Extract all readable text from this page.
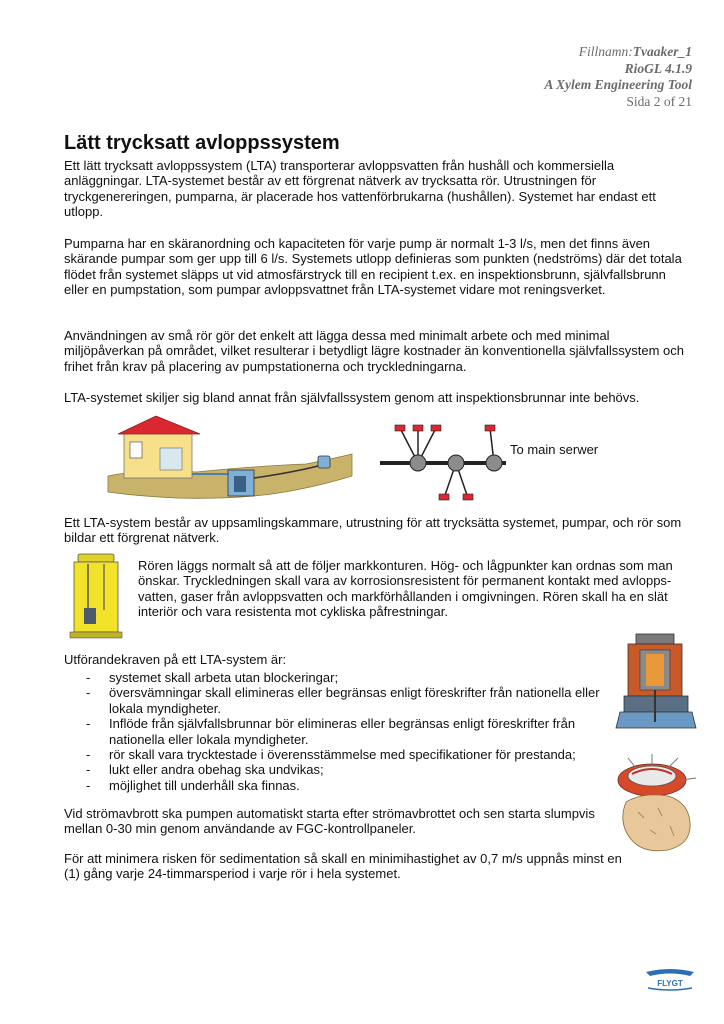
Fillnamn:Tvaaker_1
RioGL 4.1.9
A Xylem Engineering Tool
Sida 2 of 21
Lätt trycksatt avloppssystem

Ett lätt trycksatt avloppssystem (LTA) transporterar avloppsvatten från hushåll och kommersiella anläggningar. LTA-systemet består av ett förgrenat nätverk av trycksatta rör. Utrustningen för tryckgenereringen, pumparna, är placerade hos vattenförbrukarna (hushållen). Systemet har endast ett utlopp.

Pumparna har en skäranordning och kapaciteten för varje pump är normalt 1-3 l/s, men det finns även skärande pumpar som ger upp till 6 l/s. Systemets utlopp definieras som punkten (nedströms) där det totala flödet från systemet släpps ut vid atmosfärstryck till en recipient t.ex. en inspektionsbrunn, självfallsbrunn eller en pumpstation, som pumpar avloppsvattnet från LTA-systemet vidare mot reningsverket.

Användningen av små rör gör det enkelt att lägga dessa med minimalt arbete och med minimal miljöpåverkan på området, vilket resulterar i betydligt lägre kostnader än konventionella självfallssystem och frihet från krav på placering av pumpstationerna och tryckledningarna.

LTA-systemet skiljer sig bland annat från självfallssystem genom att inspektionsbrunnar inte behövs.

To main serwer

Ett LTA-system består av uppsamlingskammare, utrustning för att trycksätta systemet, pumpar, och rör som bildar ett förgrenat nätverk.

Rören läggs normalt så att de följer markkonturen. Hög- och lågpunkter kan ordnas som man önskar. Tryckledningen skall vara av korrosionsresistent för permanent kontakt med avlopps-vatten, gaser från avloppsvatten och markförhållanden i omgivningen. Rören skall ha en slät interiör och vara resistenta mot cykliska påfrestningar.

Utförandekraven på ett LTA-system är:

- systemet skall arbeta utan blockeringar;
- översvämningar skall elimineras eller begränsas enligt föreskrifter från nationella eller lokala myndigheter.
- Inflöde från självfallsbrunnar bör elimineras eller begränsas enligt föreskrifter från nationella eller lokala myndigheter.
- rör skall vara trycktestade i överensstämmelse med specifikationer för prestanda;
- lukt eller andra obehag ska undvikas;
- möjlighet till underhåll ska finnas.

Vid strömavbrott ska pumpen automatiskt starta efter strömavbrottet och sen starta slumpvis mellan 0-30 min genom användande av FGC-kontrollpaneler.

För att minimera risken för sedimentation så skall en minimihastighet av 0,7 m/s uppnås minst en (1) gång varje 24-timmarsperiod i varje rör i hela systemet.

FLYGT
